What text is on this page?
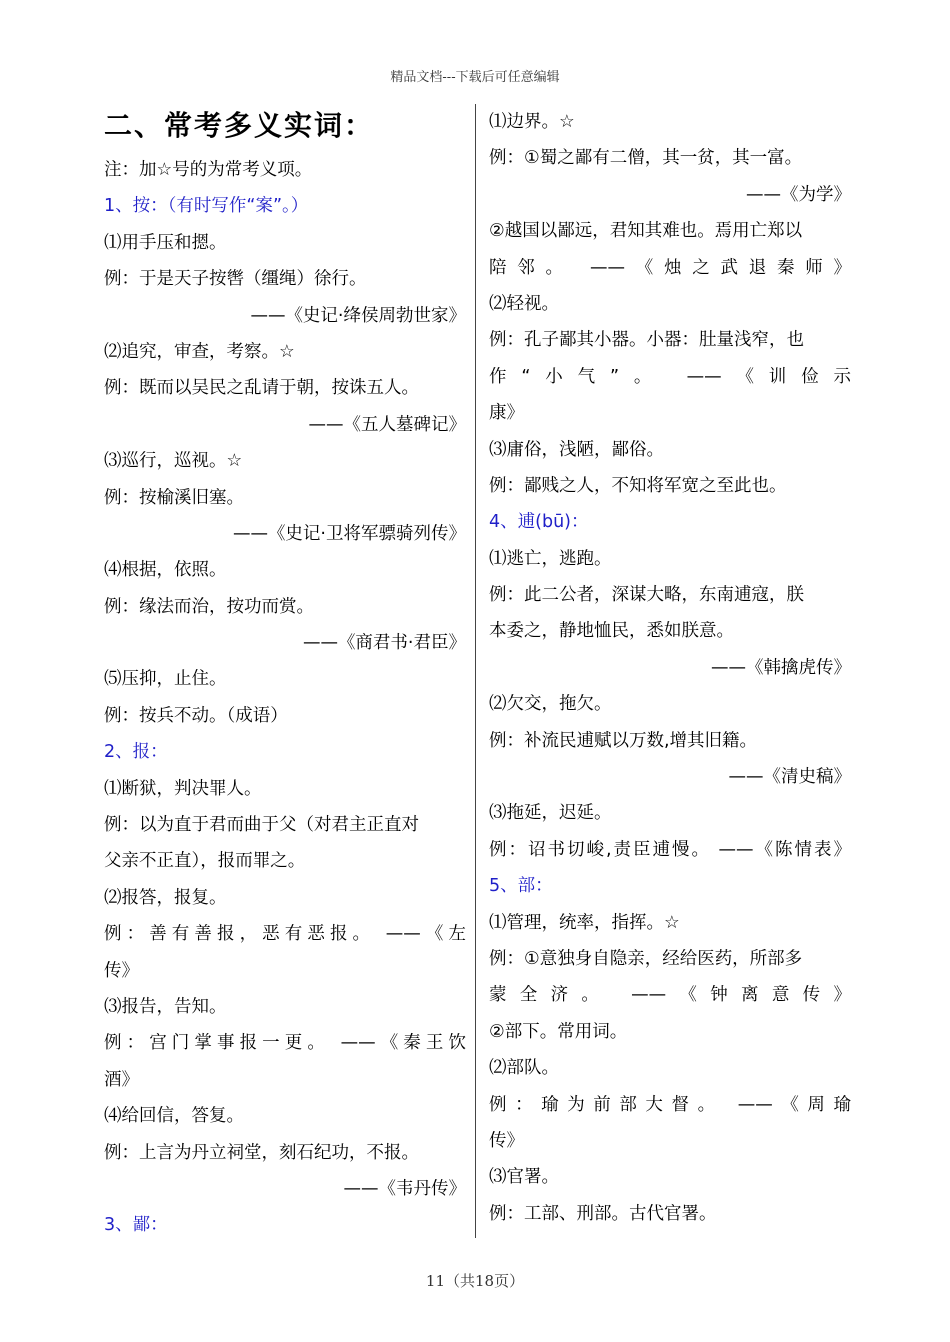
精品文档---下载后可任意编辑
二、常考多义实词：
注：加☆号的为常考义项。
1、按：（有时写作“案”。）
⑴用手压和摁。
例：于是天子按辔（缰绳）徐行。
——《史记·绛侯周勃世家》
⑵追究，审查，考察。☆
例：既而以吴民之乱请于朝，按诛五人。
——《五人墓碑记》
⑶巡行，巡视。☆
例：按榆溪旧塞。
——《史记·卫将军骠骑列传》
⑷根据，依照。
例：缘法而治，按功而赏。
——《商君书·君臣》
⑸压抑，止住。
例：按兵不动。（成语）
2、报：
⑴断狱，判决罪人。
例：以为直于君而曲于父（对君主正直对
父亲不正直），报而罪之。
⑵报答，报复。
例：善有善报，恶有恶报。 ——《左
传》
⑶报告，告知。
例：宫门掌事报一更。 ——《秦王饮
酒》
⑷给回信，答复。
例：上言为丹立祠堂，刻石纪功，不报。
——《韦丹传》
3、鄙：
⑴边界。☆
例：①蜀之鄙有二僧，其一贫，其一富。
——《为学》
②越国以鄙远，君知其难也。焉用亡郑以
陪邻。 ——《烛之武退秦师》
⑵轻视。
例：孔子鄙其小器。小器：肚量浅窄，也
作“小气”。 ——《训俭示
康》
⑶庸俗，浅陋，鄙俗。
例：鄙贱之人，不知将军宽之至此也。
4、逋(bū)：
⑴逃亡，逃跑。
例：此二公者，深谋大略，东南逋寇，朕
本委之，静地恤民，悉如朕意。
——《韩擒虎传》
⑵欠交，拖欠。
例：补流民逋赋以万数,增其旧籍。
——《清史稿》
⑶拖延，迟延。
例：诏书切峻,责臣逋慢。 ——《陈情表》
5、部：
⑴管理，统率，指挥。☆
例：①意独身自隐亲，经给医药，所部多
蒙全济。 ——《钟离意传》
②部下。常用词。
⑵部队。
例：瑜为前部大督。 ——《周瑜
传》
⑶官署。
例：工部、刑部。古代官署。
11（共18页）
